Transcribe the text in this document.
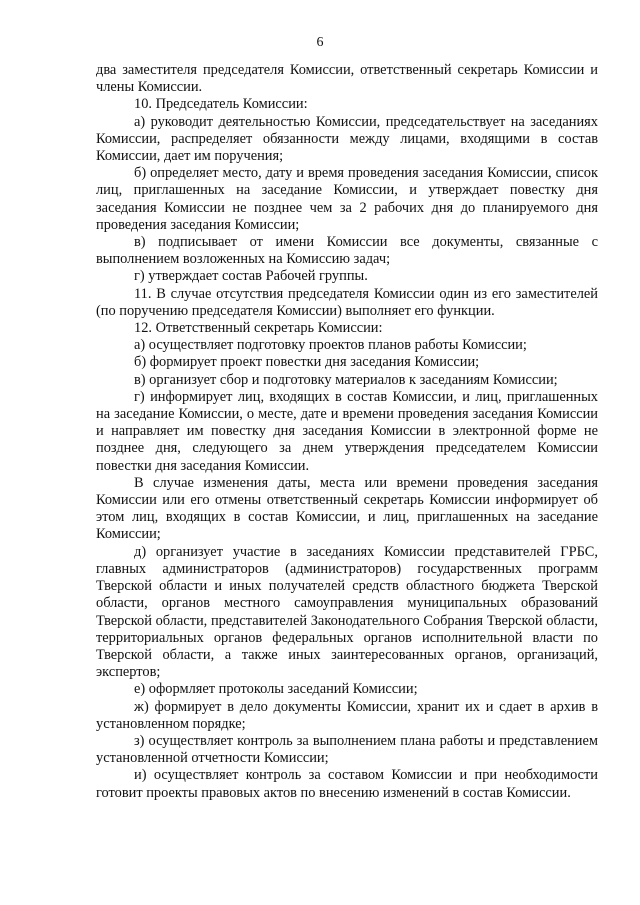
6

два заместителя председателя Комиссии, ответственный секретарь Комиссии и члены Комиссии.

10. Председатель Комиссии:

а) руководит деятельностью Комиссии, председательствует на заседаниях Комиссии, распределяет обязанности между лицами, входящими в состав Комиссии, дает им поручения;

б) определяет место, дату и время проведения заседания Комиссии, список лиц, приглашенных на заседание Комиссии, и утверждает повестку дня заседания Комиссии не позднее чем за 2 рабочих дня до планируемого дня проведения заседания Комиссии;

в) подписывает от имени Комиссии все документы, связанные с выполнением возложенных на Комиссию задач;

г) утверждает состав Рабочей группы.

11. В случае отсутствия председателя Комиссии один из его заместителей (по поручению председателя Комиссии) выполняет его функции.

12. Ответственный секретарь Комиссии:

а) осуществляет подготовку проектов планов работы Комиссии;

б) формирует проект повестки дня заседания Комиссии;

в) организует сбор и подготовку материалов к заседаниям Комиссии;

г) информирует лиц, входящих в состав Комиссии, и лиц, приглашенных на заседание Комиссии, о месте, дате и времени проведения заседания Комиссии и направляет им повестку дня заседания Комиссии в электронной форме не позднее дня, следующего за днем утверждения председателем Комиссии повестки дня заседания Комиссии.

В случае изменения даты, места или времени проведения заседания Комиссии или его отмены ответственный секретарь Комиссии информирует об этом лиц, входящих в состав Комиссии, и лиц, приглашенных на заседание Комиссии;

д) организует участие в заседаниях Комиссии представителей ГРБС, главных администраторов (администраторов) государственных программ Тверской области и иных получателей средств областного бюджета Тверской области, органов местного самоуправления муниципальных образований Тверской области, представителей Законодательного Собрания Тверской области, территориальных органов федеральных органов исполнительной власти по Тверской области, а также иных заинтересованных органов, организаций, экспертов;

е) оформляет протоколы заседаний Комиссии;

ж) формирует в дело документы Комиссии, хранит их и сдает в архив в установленном порядке;

з) осуществляет контроль за выполнением плана работы и представлением установленной отчетности Комиссии;

и) осуществляет контроль за составом Комиссии и при необходимости готовит проекты правовых актов по внесению изменений в состав Комиссии.
